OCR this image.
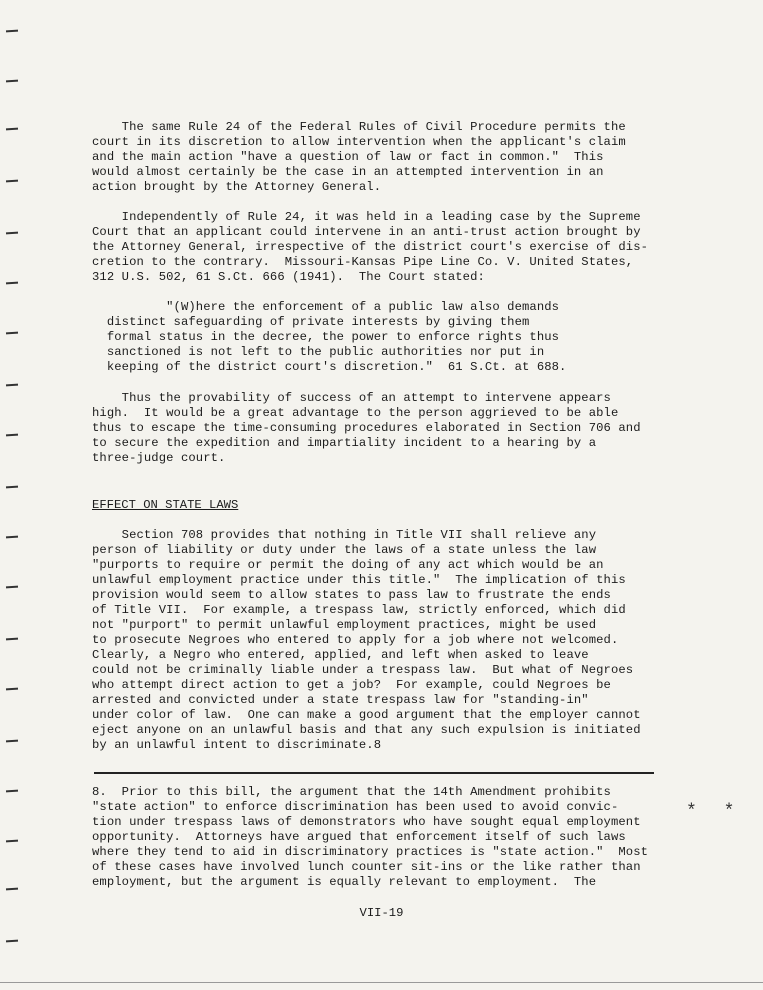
The same Rule 24 of the Federal Rules of Civil Procedure permits the
court in its discretion to allow intervention when the applicant's claim
and the main action "have a question of law or fact in common."  This
would almost certainly be the case in an attempted intervention in an
action brought by the Attorney General.

Independently of Rule 24, it was held in a leading case by the Supreme
Court that an applicant could intervene in an anti-trust action brought by
the Attorney General, irrespective of the district court's exercise of dis-
cretion to the contrary.  Missouri-Kansas Pipe Line Co. V. United States,
312 U.S. 502, 61 S.Ct. 666 (1941).  The Court stated:

"(W)here the enforcement of a public law also demands
distinct safeguarding of private interests by giving them
formal status in the decree, the power to enforce rights thus
sanctioned is not left to the public authorities nor put in
keeping of the district court's discretion."  61 S.Ct. at 688.

Thus the provability of success of an attempt to intervene appears
high.  It would be a great advantage to the person aggrieved to be able
thus to escape the time-consuming procedures elaborated in Section 706 and
to secure the expedition and impartiality incident to a hearing by a
three-judge court.

EFFECT ON STATE LAWS

Section 708 provides that nothing in Title VII shall relieve any
person of liability or duty under the laws of a state unless the law
"purports to require or permit the doing of any act which would be an
unlawful employment practice under this title."  The implication of this
provision would seem to allow states to pass law to frustrate the ends
of Title VII.  For example, a trespass law, strictly enforced, which did
not "purport" to permit unlawful employment practices, might be used
to prosecute Negroes who entered to apply for a job where not welcomed.
Clearly, a Negro who entered, applied, and left when asked to leave
could not be criminally liable under a trespass law.  But what of Negroes
who attempt direct action to get a job?  For example, could Negroes be
arrested and convicted under a state trespass law for "standing-in"
under color of law.  One can make a good argument that the employer cannot
eject anyone on an unlawful basis and that any such expulsion is initiated
by an unlawful intent to discriminate.8

8.  Prior to this bill, the argument that the 14th Amendment prohibits
"state action" to enforce discrimination has been used to avoid convic-
tion under trespass laws of demonstrators who have sought equal employment
opportunity.  Attorneys have argued that enforcement itself of such laws
where they tend to aid in discriminatory practices is "state action."  Most
of these cases have involved lunch counter sit-ins or the like rather than
employment, but the argument is equally relevant to employment.  The

* *
VII-19
